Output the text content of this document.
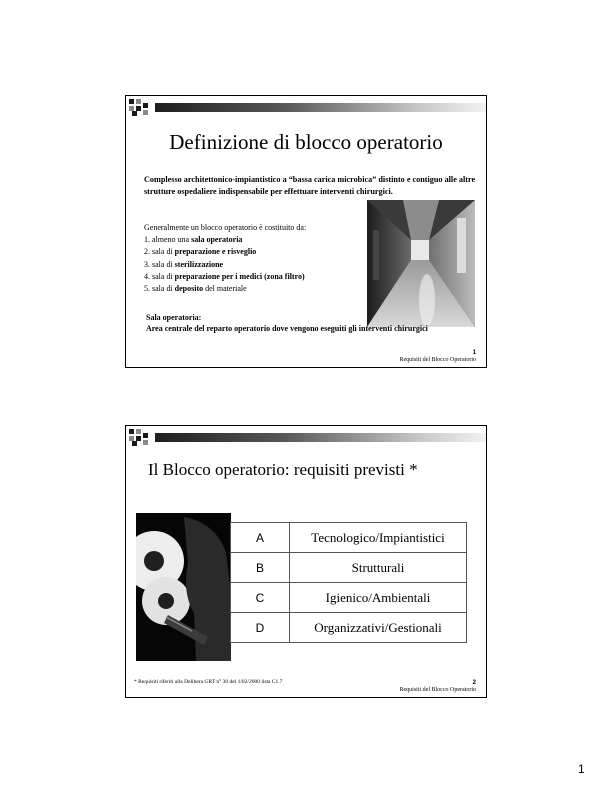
Definizione di blocco operatorio
Complesso architettonico-impiantistico a “bassa carica microbica” distinto e contiguo alle altre strutture ospedaliere indispensabile per effettuare interventi chirurgici.
Generalmente un blocco operatorio è costituito da:
1. almeno una sala operatoria
2. sala di preparazione e risveglio
3. sala di sterilizzazione
4. sala di preparazione per i medici (zona filtro)
5. sala di deposito del materiale
Sala operatoria:
Area centrale del reparto operatorio dove vengono eseguiti gli interventi chirurgici
1
Requisiti del Blocco Operatorio
Il Blocco operatorio: requisiti previsti *
A	Tecnologico/Impiantistici
B	Strutturali
C	Igienico/Ambientali
D	Organizzativi/Gestionali
* Requisiti riferiti alla Delibera GRT n° 30 del 1/02/2000 lista C1.7	2
Requisiti del Blocco Operatorio
1
